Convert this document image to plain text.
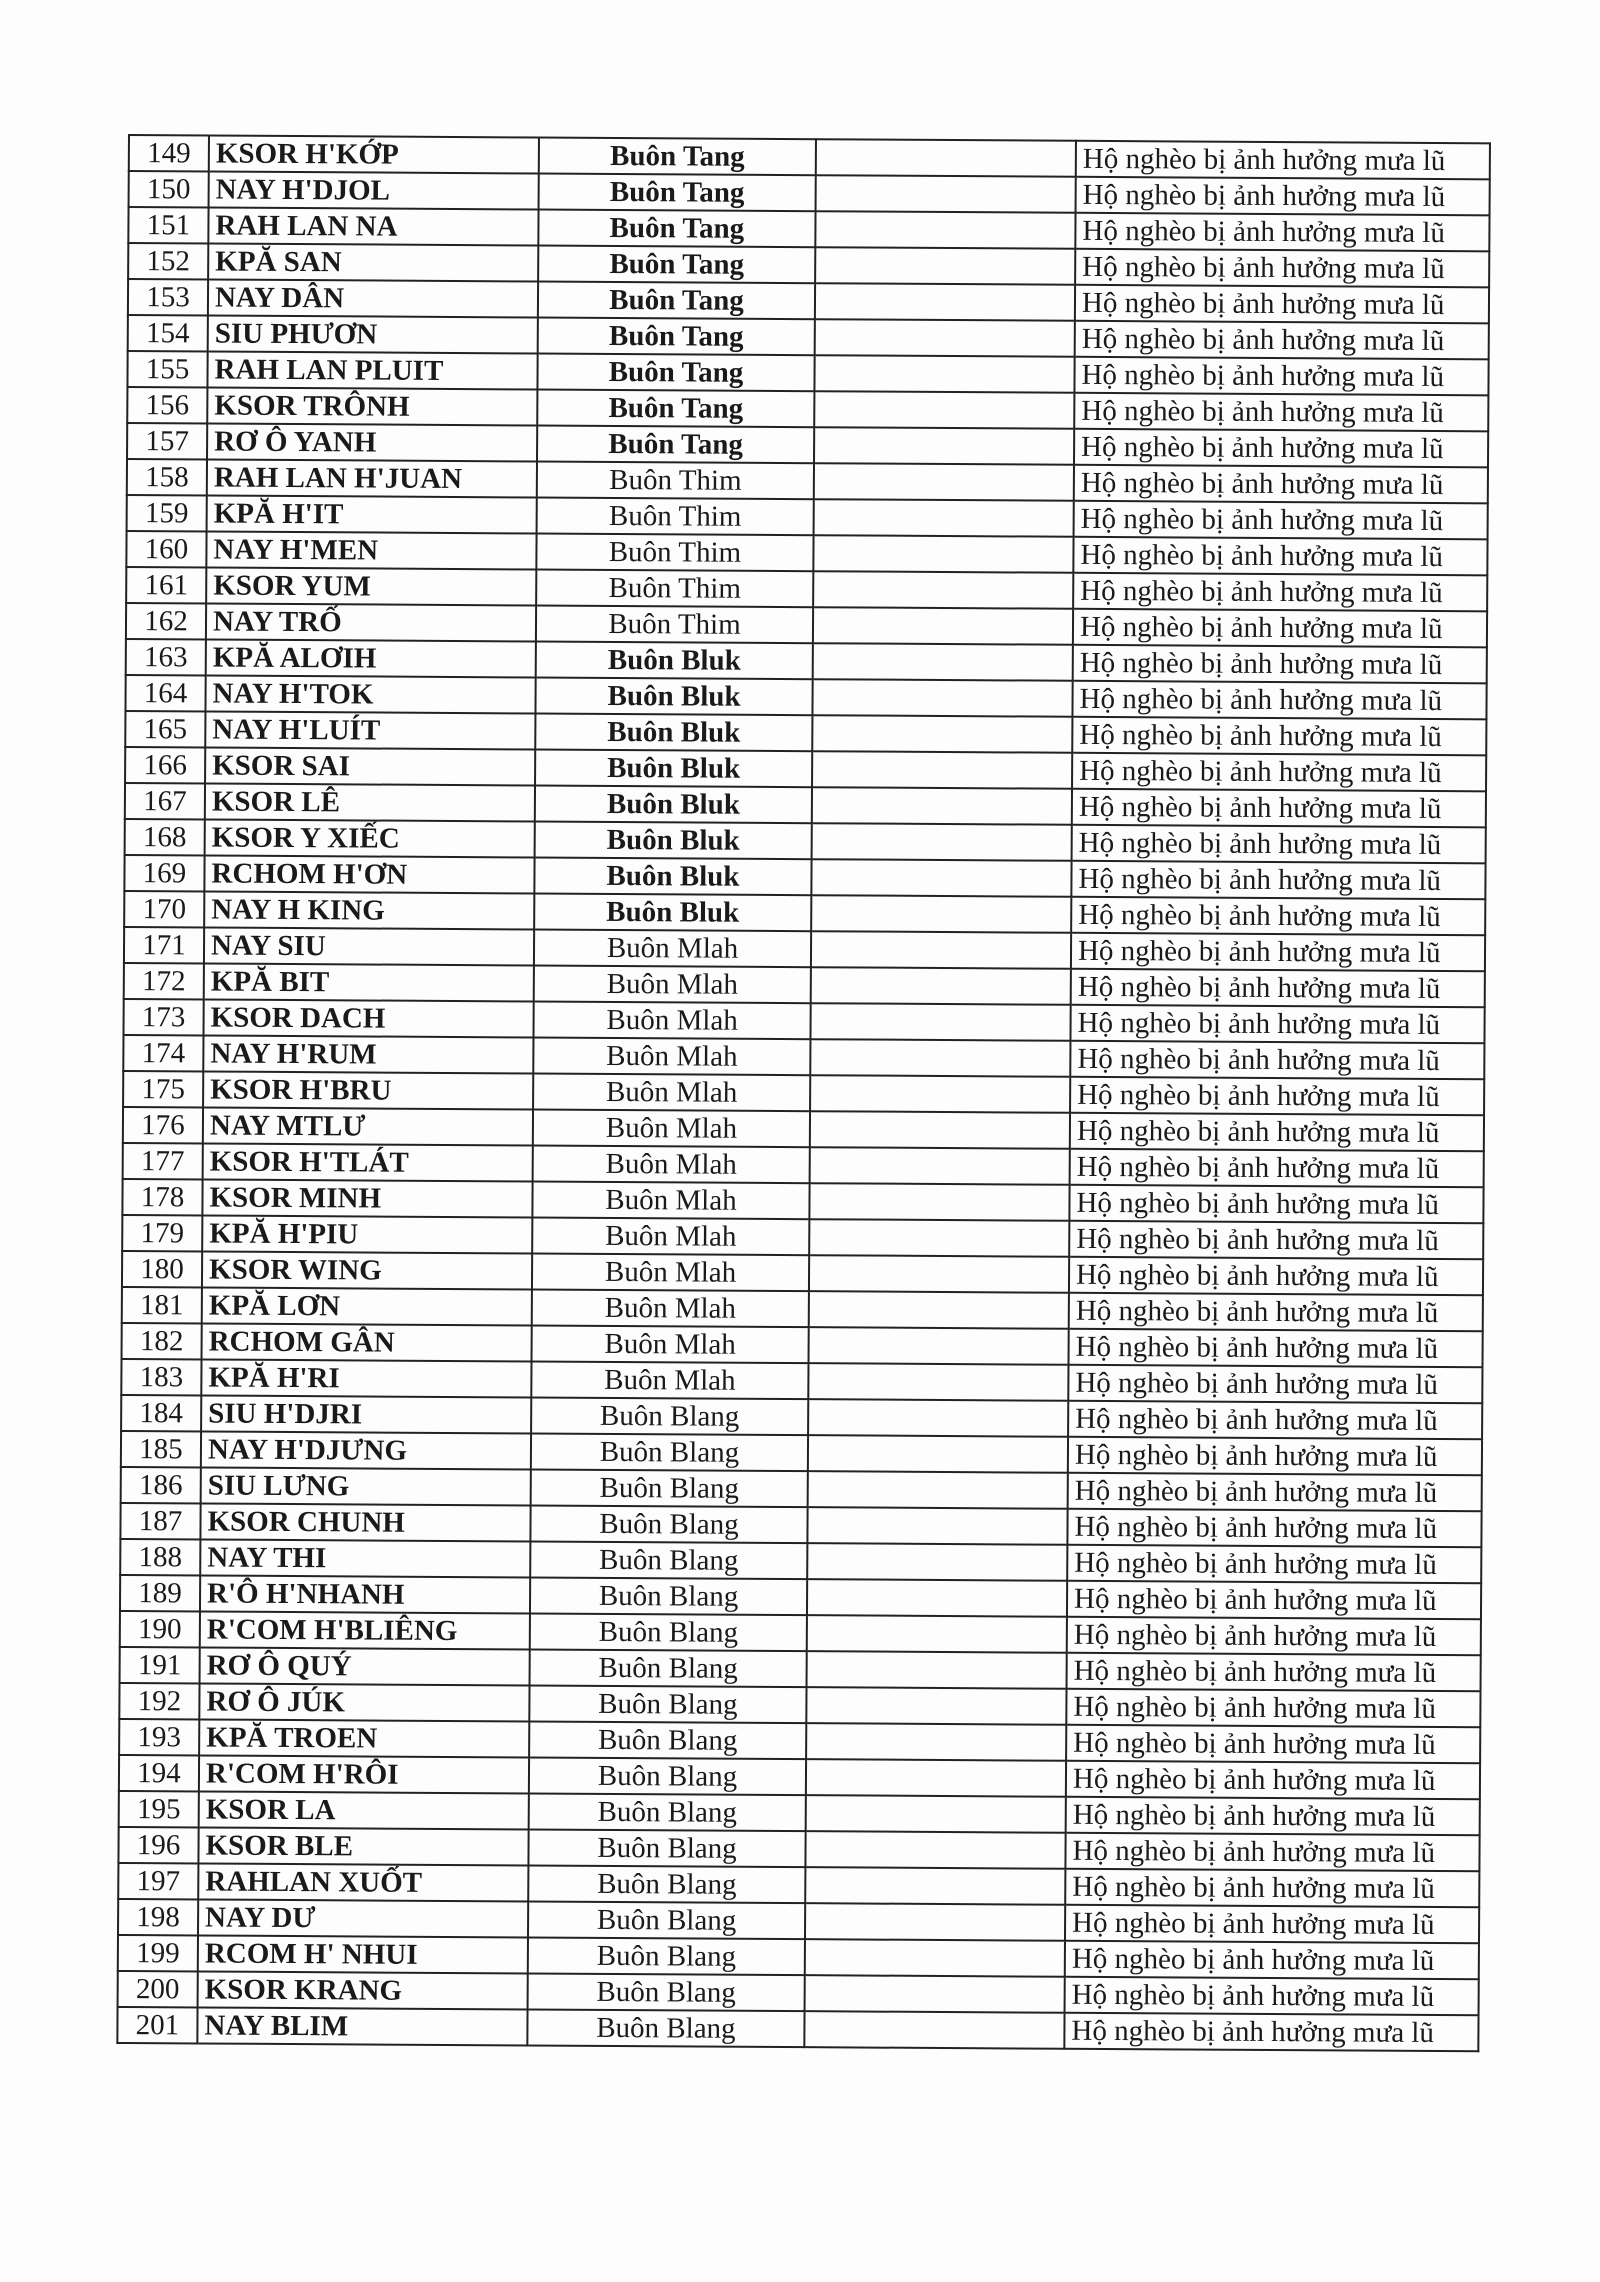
149	KSOR H'KỚP	Buôn Tang		Hộ nghèo bị ảnh hưởng mưa lũ
150	NAY H'DJOL	Buôn Tang		Hộ nghèo bị ảnh hưởng mưa lũ
151	RAH LAN NA	Buôn Tang		Hộ nghèo bị ảnh hưởng mưa lũ
152	KPĂ SAN	Buôn Tang		Hộ nghèo bị ảnh hưởng mưa lũ
153	NAY DÂN	Buôn Tang		Hộ nghèo bị ảnh hưởng mưa lũ
154	SIU PHƯƠN	Buôn Tang		Hộ nghèo bị ảnh hưởng mưa lũ
155	RAH LAN PLUIT	Buôn Tang		Hộ nghèo bị ảnh hưởng mưa lũ
156	KSOR TRÔNH	Buôn Tang		Hộ nghèo bị ảnh hưởng mưa lũ
157	RƠ Ô YANH	Buôn Tang		Hộ nghèo bị ảnh hưởng mưa lũ
158	RAH LAN H'JUAN	Buôn Thim		Hộ nghèo bị ảnh hưởng mưa lũ
159	KPĂ H'IT	Buôn Thim		Hộ nghèo bị ảnh hưởng mưa lũ
160	NAY H'MEN	Buôn Thim		Hộ nghèo bị ảnh hưởng mưa lũ
161	KSOR YUM	Buôn Thim		Hộ nghèo bị ảnh hưởng mưa lũ
162	NAY TRỐ	Buôn Thim		Hộ nghèo bị ảnh hưởng mưa lũ
163	KPĂ ALƠIH	Buôn Bluk		Hộ nghèo bị ảnh hưởng mưa lũ
164	NAY H'TOK	Buôn Bluk		Hộ nghèo bị ảnh hưởng mưa lũ
165	NAY H'LUÍT	Buôn Bluk		Hộ nghèo bị ảnh hưởng mưa lũ
166	KSOR SAI	Buôn Bluk		Hộ nghèo bị ảnh hưởng mưa lũ
167	KSOR LÊ	Buôn Bluk		Hộ nghèo bị ảnh hưởng mưa lũ
168	KSOR Y XIẾC	Buôn Bluk		Hộ nghèo bị ảnh hưởng mưa lũ
169	RCHOM H'ƠN	Buôn Bluk		Hộ nghèo bị ảnh hưởng mưa lũ
170	NAY H KING	Buôn Bluk		Hộ nghèo bị ảnh hưởng mưa lũ
171	NAY SIU	Buôn Mlah		Hộ nghèo bị ảnh hưởng mưa lũ
172	KPĂ BIT	Buôn Mlah		Hộ nghèo bị ảnh hưởng mưa lũ
173	KSOR DACH	Buôn Mlah		Hộ nghèo bị ảnh hưởng mưa lũ
174	NAY H'RUM	Buôn Mlah		Hộ nghèo bị ảnh hưởng mưa lũ
175	KSOR H'BRU	Buôn Mlah		Hộ nghèo bị ảnh hưởng mưa lũ
176	NAY MTLƯ	Buôn Mlah		Hộ nghèo bị ảnh hưởng mưa lũ
177	KSOR H'TLÁT	Buôn Mlah		Hộ nghèo bị ảnh hưởng mưa lũ
178	KSOR MINH	Buôn Mlah		Hộ nghèo bị ảnh hưởng mưa lũ
179	KPĂ H'PIU	Buôn Mlah		Hộ nghèo bị ảnh hưởng mưa lũ
180	KSOR WING	Buôn Mlah		Hộ nghèo bị ảnh hưởng mưa lũ
181	KPĂ LƠN	Buôn Mlah		Hộ nghèo bị ảnh hưởng mưa lũ
182	RCHOM GÂN	Buôn Mlah		Hộ nghèo bị ảnh hưởng mưa lũ
183	KPĂ H'RI	Buôn Mlah		Hộ nghèo bị ảnh hưởng mưa lũ
184	SIU H'DJRI	Buôn Blang		Hộ nghèo bị ảnh hưởng mưa lũ
185	NAY H'DJƯNG	Buôn Blang		Hộ nghèo bị ảnh hưởng mưa lũ
186	SIU LƯNG	Buôn Blang		Hộ nghèo bị ảnh hưởng mưa lũ
187	KSOR CHUNH	Buôn Blang		Hộ nghèo bị ảnh hưởng mưa lũ
188	NAY THI	Buôn Blang		Hộ nghèo bị ảnh hưởng mưa lũ
189	R'Ô H'NHANH	Buôn Blang		Hộ nghèo bị ảnh hưởng mưa lũ
190	R'COM H'BLIÊNG	Buôn Blang		Hộ nghèo bị ảnh hưởng mưa lũ
191	RƠ Ô QUÝ	Buôn Blang		Hộ nghèo bị ảnh hưởng mưa lũ
192	RƠ Ô JÚK	Buôn Blang		Hộ nghèo bị ảnh hưởng mưa lũ
193	KPĂ TROEN	Buôn Blang		Hộ nghèo bị ảnh hưởng mưa lũ
194	R'COM H'RÔI	Buôn Blang		Hộ nghèo bị ảnh hưởng mưa lũ
195	KSOR LA	Buôn Blang		Hộ nghèo bị ảnh hưởng mưa lũ
196	KSOR BLE	Buôn Blang		Hộ nghèo bị ảnh hưởng mưa lũ
197	RAHLAN XUỐT	Buôn Blang		Hộ nghèo bị ảnh hưởng mưa lũ
198	NAY DƯ	Buôn Blang		Hộ nghèo bị ảnh hưởng mưa lũ
199	RCOM H' NHUI	Buôn Blang		Hộ nghèo bị ảnh hưởng mưa lũ
200	KSOR KRANG	Buôn Blang		Hộ nghèo bị ảnh hưởng mưa lũ
201	NAY BLIM	Buôn Blang		Hộ nghèo bị ảnh hưởng mưa lũ
